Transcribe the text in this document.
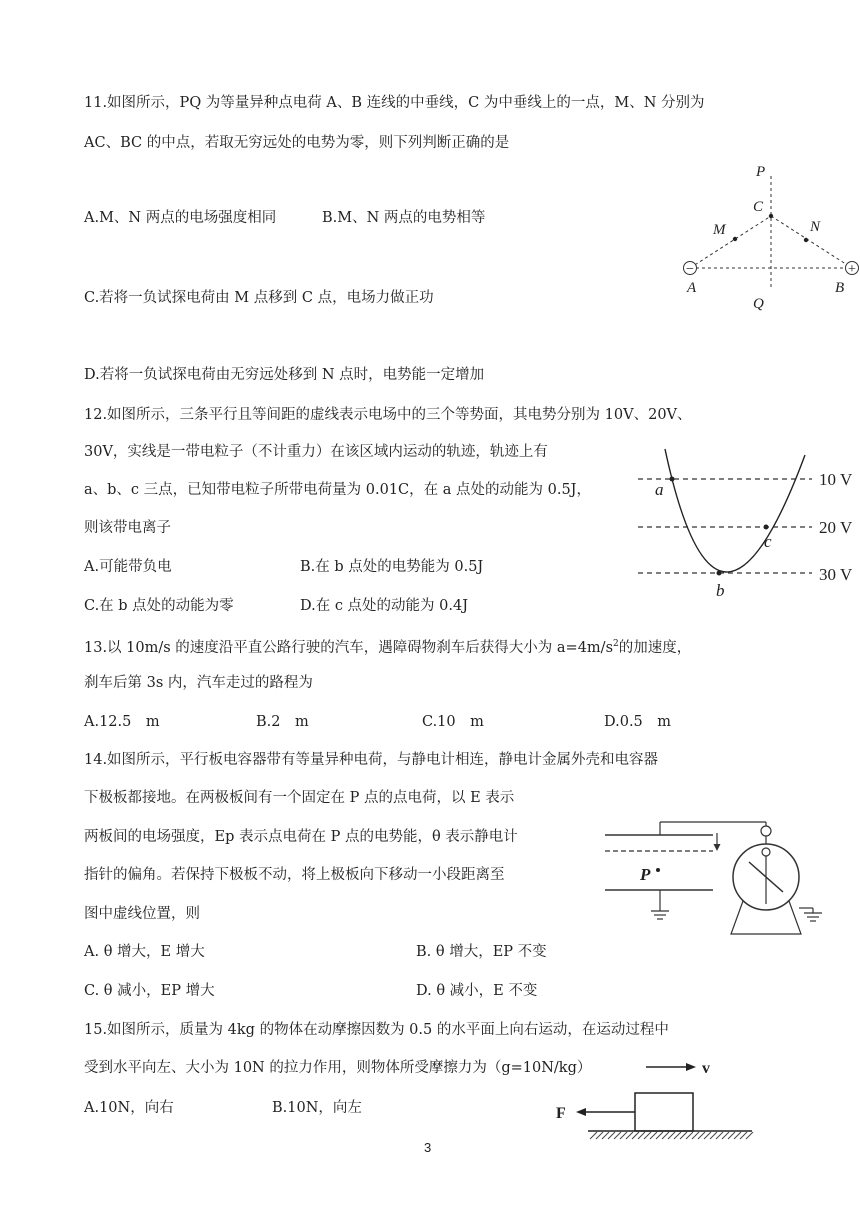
11.如图所示，PQ 为等量异种点电荷 A、B 连线的中垂线，C 为中垂线上的一点，M、N 分别为
AC、BC 的中点，若取无穷远处的电势为零，则下列判断正确的是
A.M、N 两点的电场强度相同	B.M、N 两点的电势相等
C.若将一负试探电荷由 M 点移到 C 点，电场力做正功
D.若将一负试探电荷由无穷远处移到 N 点时，电势能一定增加
−	+
P
C
M	N
A	B
Q
12.如图所示，三条平行且等间距的虚线表示电场中的三个等势面，其电势分别为 10V、20V、
30V，实线是一带电粒子（不计重力）在该区域内运动的轨迹，轨迹上有
a、b、c 三点，已知带电粒子所带电荷量为 0.01C，在 a 点处的动能为 0.5J，
则该带电离子
A.可能带负电	B.在 b 点处的电势能为 0.5J
C.在 b 点处的动能为零	D.在 c 点处的动能为 0.4J
a
b
c
10 V
20 V
30 V
13.以 10m/s 的速度沿平直公路行驶的汽车，遇障碍物刹车后获得大小为 $a=4m/s^2$的加速度，
刹车后第 3s 内，汽车走过的路程为
A.12.5　m	B.2　m	C.10　m	D.0.5　m
14.如图所示，平行板电容器带有等量异种电荷，与静电计相连，静电计金属外壳和电容器
下极板都接地。在两极板间有一个固定在 P 点的点电荷，以 E 表示
两板间的电场强度，Ep 表示点电荷在 P 点的电势能，θ 表示静电计
指针的偏角。若保持下极板不动，将上极板向下移动一小段距离至
图中虚线位置，则
A. θ 增大，E 增大	B. θ 增大，EP 不变
C. θ 减小，EP 增大	D. θ 减小，E 不变
P
15.如图所示，质量为 4kg 的物体在动摩擦因数为 0.5 的水平面上向右运动，在运动过程中
受到水平向左、大小为 10N 的拉力作用，则物体所受摩擦力为（g=10N/kg）
A.10N，向右	B.10N，向左
v
F
3
